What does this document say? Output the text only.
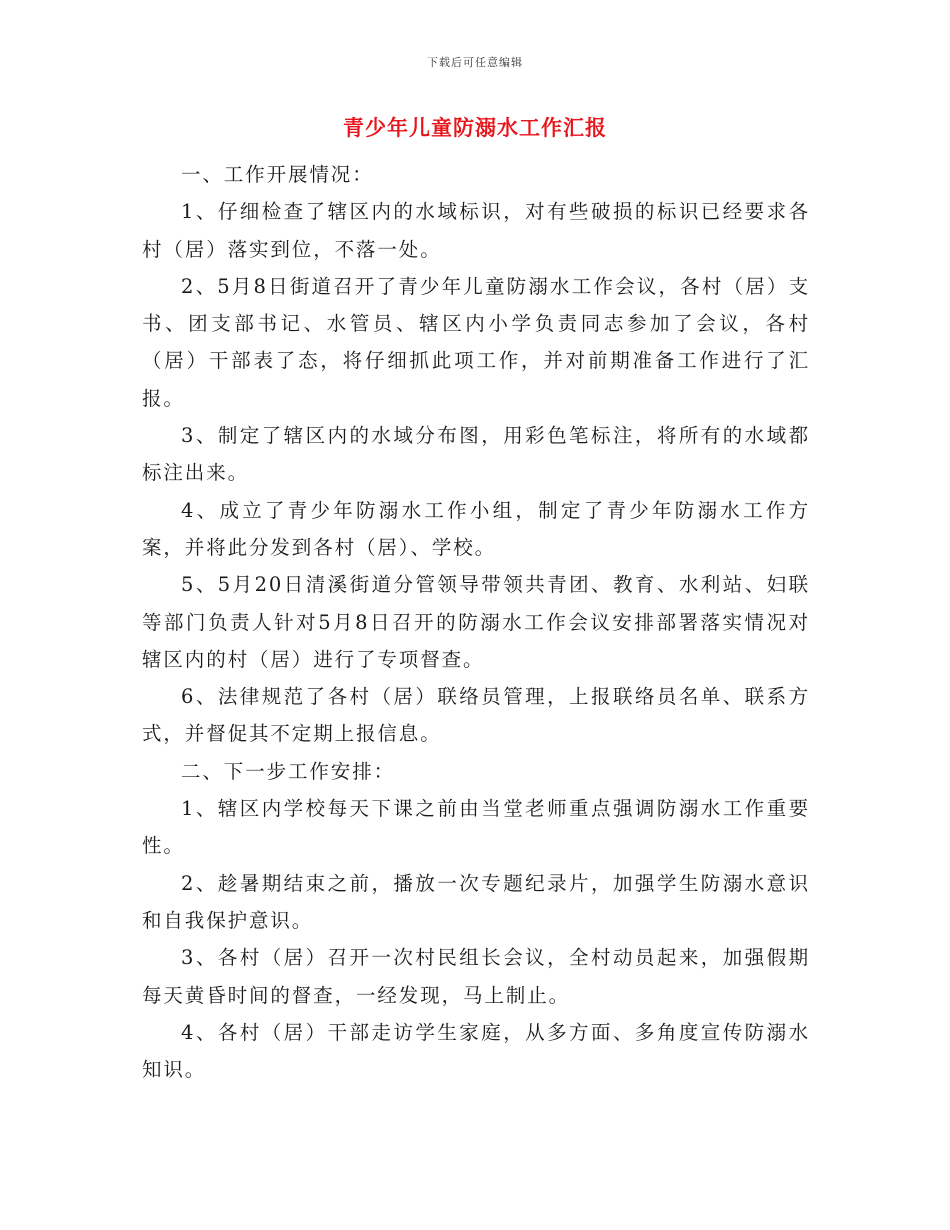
下载后可任意编辑
青少年儿童防溺水工作汇报

一、工作开展情况：

1、仔细检查了辖区内的水域标识，对有些破损的标识已经要求各村（居）落实到位，不落一处。

2、5月8日街道召开了青少年儿童防溺水工作会议，各村（居）支书、团支部书记、水管员、辖区内小学负责同志参加了会议，各村（居）干部表了态，将仔细抓此项工作，并对前期准备工作进行了汇报。

3、制定了辖区内的水域分布图，用彩色笔标注，将所有的水域都标注出来。

4、成立了青少年防溺水工作小组，制定了青少年防溺水工作方案，并将此分发到各村（居）、学校。

5、5月20日清溪街道分管领导带领共青团、教育、水利站、妇联等部门负责人针对5月8日召开的防溺水工作会议安排部署落实情况对辖区内的村（居）进行了专项督查。

6、法律规范了各村（居）联络员管理，上报联络员名单、联系方式，并督促其不定期上报信息。

二、下一步工作安排：

1、辖区内学校每天下课之前由当堂老师重点强调防溺水工作重要性。

2、趁暑期结束之前，播放一次专题纪录片，加强学生防溺水意识和自我保护意识。

3、各村（居）召开一次村民组长会议，全村动员起来，加强假期每天黄昏时间的督查，一经发现，马上制止。

4、各村（居）干部走访学生家庭，从多方面、多角度宣传防溺水知识。
